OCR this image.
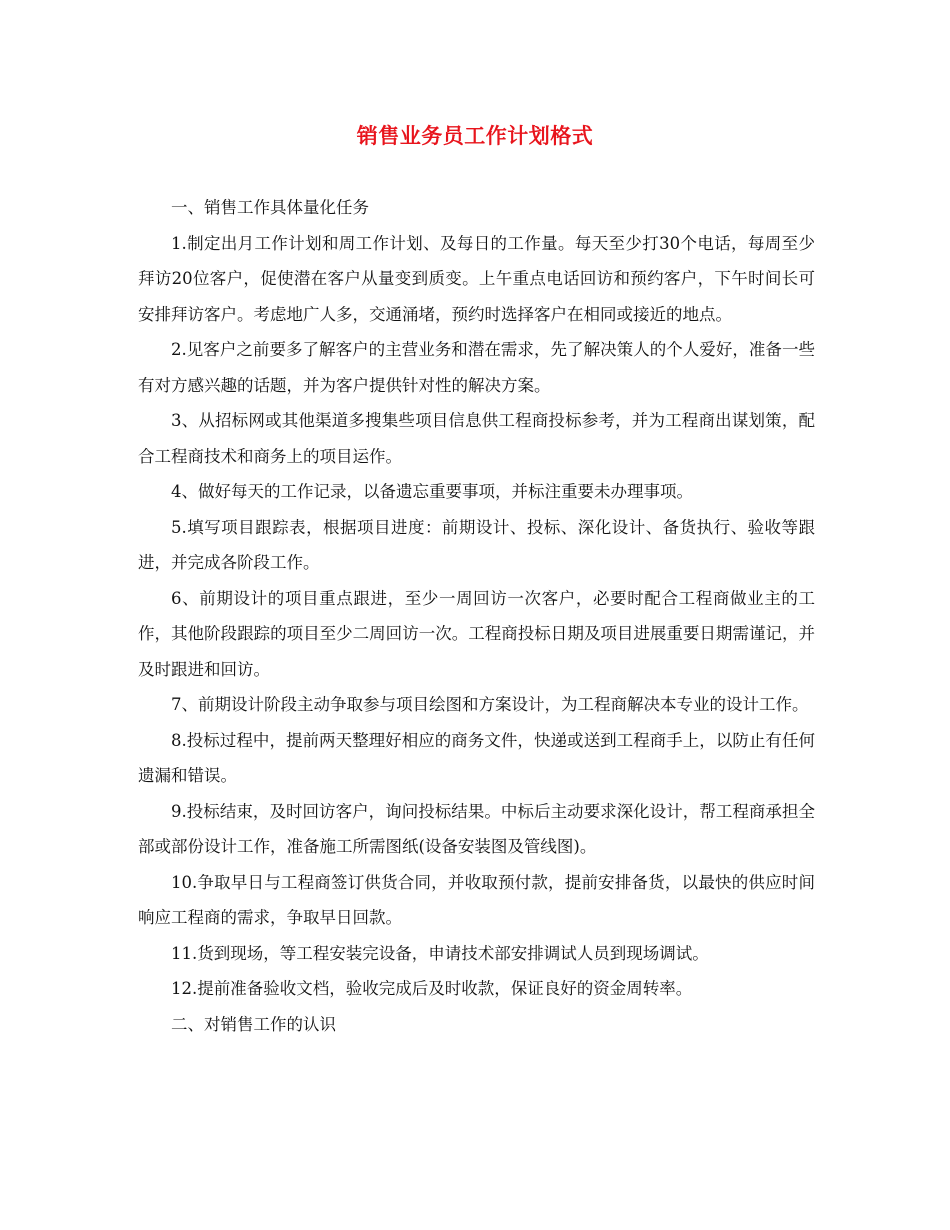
销售业务员工作计划格式

一、销售工作具体量化任务

1.制定出月工作计划和周工作计划、及每日的工作量。每天至少打30个电话，每周至少拜访20位客户，促使潜在客户从量变到质变。上午重点电话回访和预约客户，下午时间长可安排拜访客户。考虑地广人多，交通涌堵，预约时选择客户在相同或接近的地点。

2.见客户之前要多了解客户的主营业务和潜在需求，先了解决策人的个人爱好，准备一些有对方感兴趣的话题，并为客户提供针对性的解决方案。

3、从招标网或其他渠道多搜集些项目信息供工程商投标参考，并为工程商出谋划策，配合工程商技术和商务上的项目运作。

4、做好每天的工作记录，以备遗忘重要事项，并标注重要未办理事项。

5.填写项目跟踪表，根据项目进度：前期设计、投标、深化设计、备货执行、验收等跟进，并完成各阶段工作。

6、前期设计的项目重点跟进，至少一周回访一次客户，必要时配合工程商做业主的工作，其他阶段跟踪的项目至少二周回访一次。工程商投标日期及项目进展重要日期需谨记，并及时跟进和回访。

7、前期设计阶段主动争取参与项目绘图和方案设计，为工程商解决本专业的设计工作。

8.投标过程中，提前两天整理好相应的商务文件，快递或送到工程商手上，以防止有任何遗漏和错误。

9.投标结束，及时回访客户，询问投标结果。中标后主动要求深化设计，帮工程商承担全部或部份设计工作，准备施工所需图纸(设备安装图及管线图)。

10.争取早日与工程商签订供货合同，并收取预付款，提前安排备货，以最快的供应时间响应工程商的需求，争取早日回款。

11.货到现场，等工程安装完设备，申请技术部安排调试人员到现场调试。

12.提前准备验收文档，验收完成后及时收款，保证良好的资金周转率。

二、对销售工作的认识
